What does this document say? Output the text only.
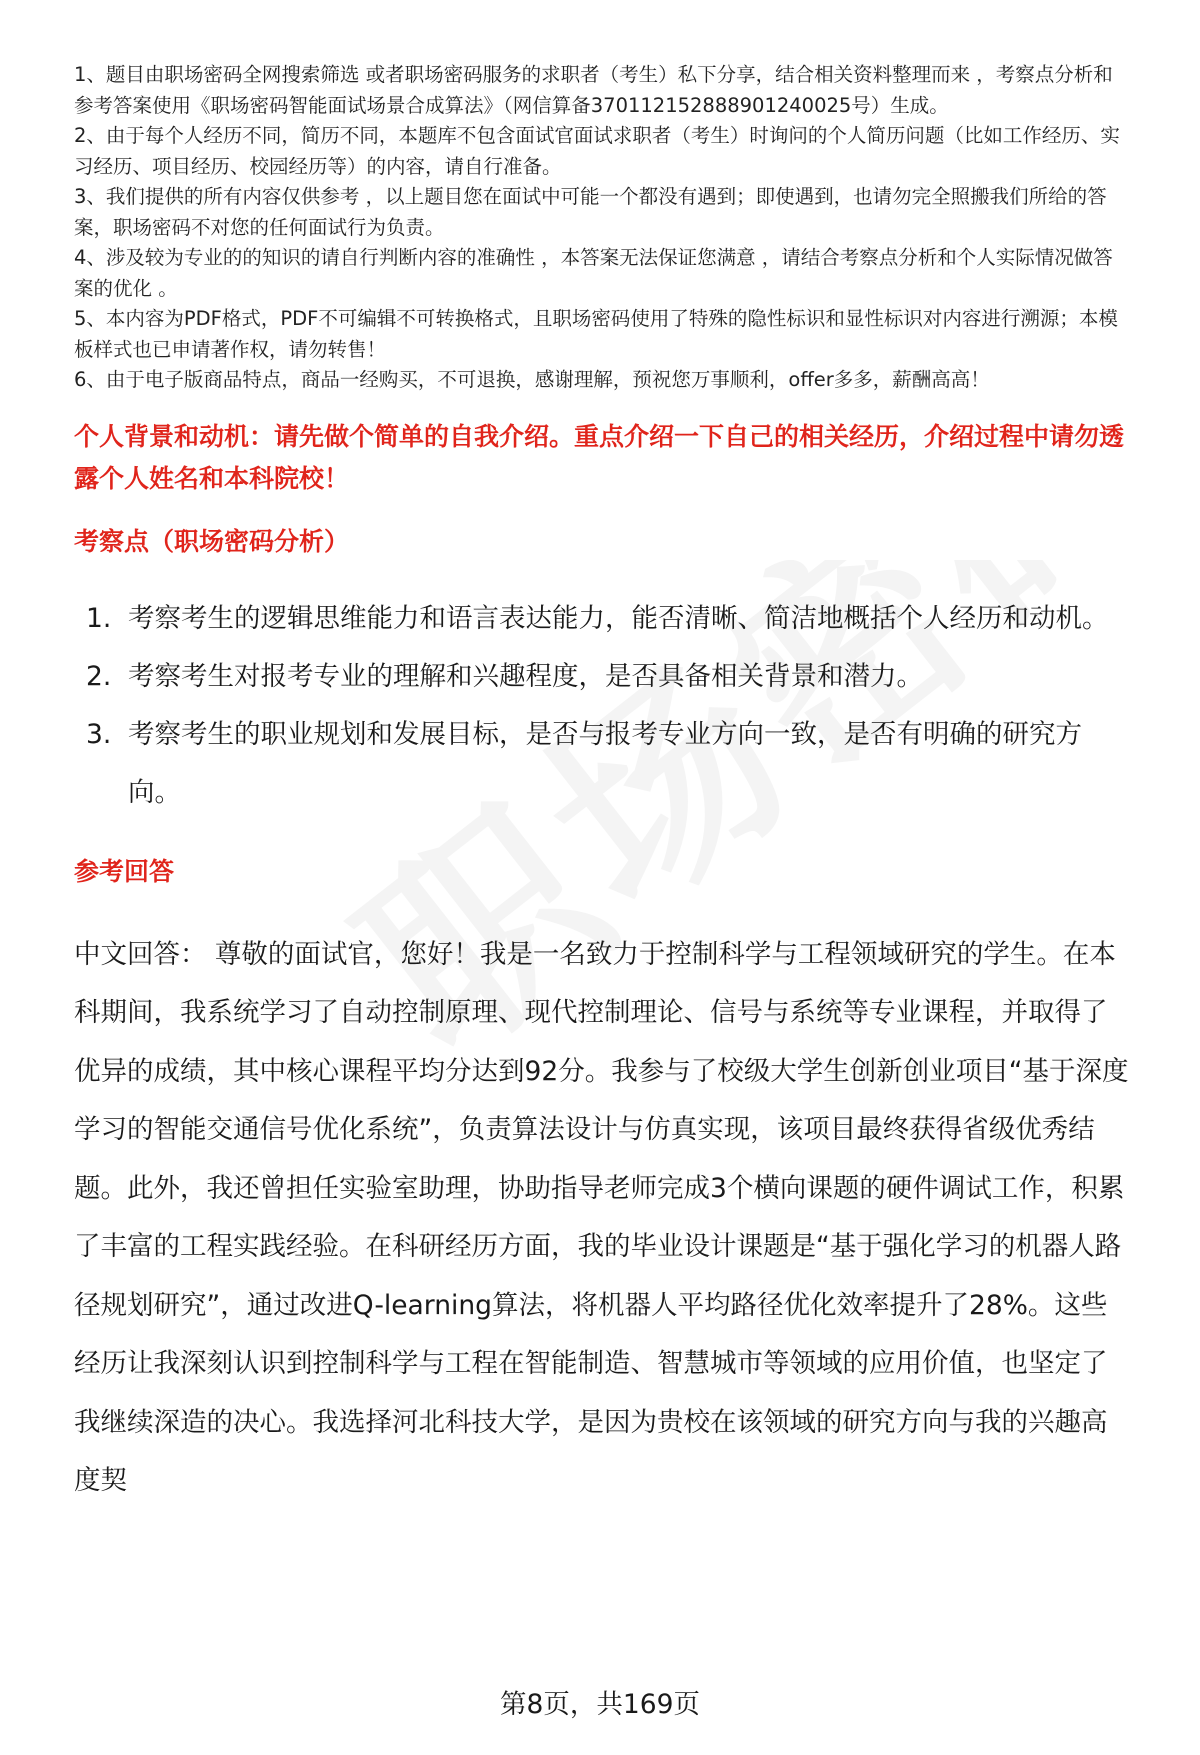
1、题目由职场密码全网搜索筛选 或者职场密码服务的求职者（考生）私下分享，结合相关资料整理而来 ，考察点分析和参考答案使用《职场密码智能面试场景合成算法》（网信算备370112152888901240025号）生成。

2、由于每个人经历不同，简历不同，本题库不包含面试官面试求职者（考生）时询问的个人简历问题（比如工作经历、实习经历、项目经历、校园经历等）的内容，请自行准备。

3、我们提供的所有内容仅供参考 ，以上题目您在面试中可能一个都没有遇到；即使遇到，也请勿完全照搬我们所给的答案，职场密码不对您的任何面试行为负责。

4、涉及较为专业的的知识的请自行判断内容的准确性 ，本答案无法保证您满意 ，请结合考察点分析和个人实际情况做答案的优化 。

5、本内容为PDF格式，PDF不可编辑不可转换格式，且职场密码使用了特殊的隐性标识和显性标识对内容进行溯源；本模板样式也已申请著作权，请勿转售！

6、由于电子版商品特点，商品一经购买，不可退换，感谢理解，预祝您万事顺利，offer多多，薪酬高高！

个人背景和动机：请先做个简单的自我介绍。重点介绍一下自己的相关经历，介绍过程中请勿透露个人姓名和本科院校！
考察点（职场密码分析）
1. 考察考生的逻辑思维能力和语言表达能力，能否清晰、简洁地概括个人经历和动机。
2. 考察考生对报考专业的理解和兴趣程度，是否具备相关背景和潜力。
3. 考察考生的职业规划和发展目标，是否与报考专业方向一致，是否有明确的研究方向。
参考回答

中文回答： 尊敬的面试官，您好！我是一名致力于控制科学与工程领域研究的学生。在本科期间，我系统学习了自动控制原理、现代控制理论、信号与系统等专业课程，并取得了优异的成绩，其中核心课程平均分达到92分。我参与了校级大学生创新创业项目“基于深度学习的智能交通信号优化系统”，负责算法设计与仿真实现，该项目最终获得省级优秀结题。此外，我还曾担任实验室助理，协助指导老师完成3个横向课题的硬件调试工作，积累了丰富的工程实践经验。在科研经历方面，我的毕业设计课题是“基于强化学习的机器人路径规划研究”，通过改进Q-learning算法，将机器人平均路径优化效率提升了28%。这些经历让我深刻认识到控制科学与工程在智能制造、智慧城市等领域的应用价值，也坚定了我继续深造的决心。我选择河北科技大学，是因为贵校在该领域的研究方向与我的兴趣高度契

第8页，共169页
